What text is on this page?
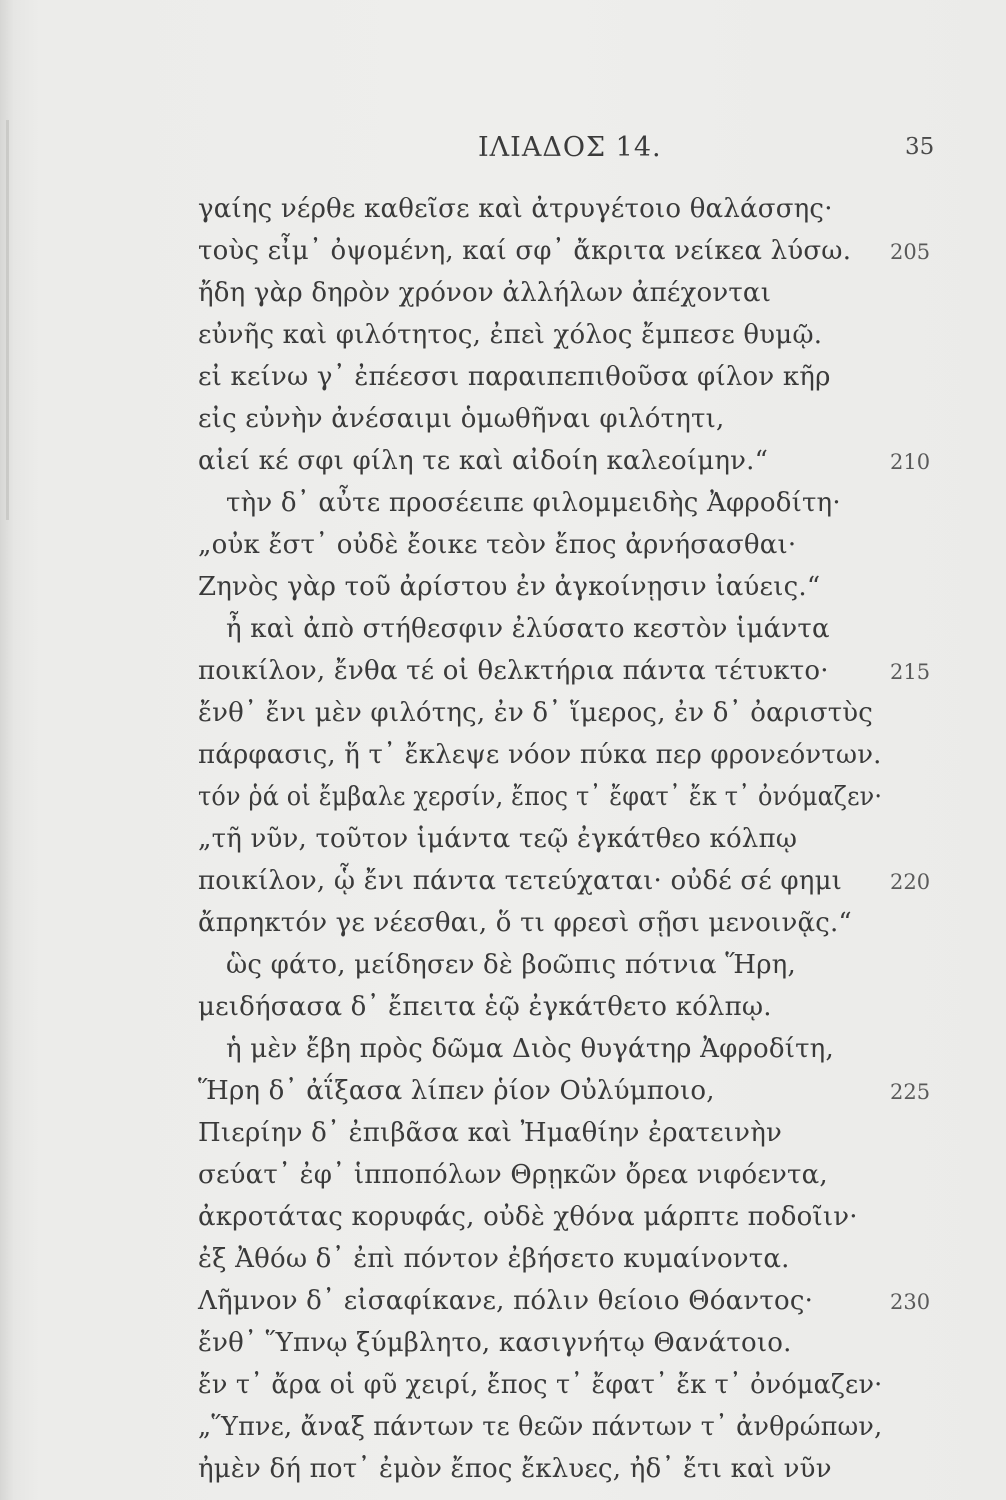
ΙΛΙΑΔΟΣ 14.	35
γαίης νέρθε καθεῖσε καὶ ἀτρυγέτοιο θαλάσσης·
τοὺς εἶμ᾽ ὀψομένη, καί σφ᾽ ἄκριτα νείκεα λύσω. 205
ἤδη γὰρ δηρὸν χρόνον ἀλλήλων ἀπέχονται
εὐνῆς καὶ φιλότητος, ἐπεὶ χόλος ἔμπεσε θυμῷ.
εἰ κείνω γ᾽ ἐπέεσσι παραιπεπιθοῦσα φίλον κῆρ
εἰς εὐνὴν ἀνέσαιμι ὁμωθῆναι φιλότητι,
αἰεί κέ σφι φίλη τε καὶ αἰδοίη καλεοίμην.“	210
τὴν δ᾽ αὖτε προσέειπε φιλομμειδὴς Ἀφροδίτη·
„οὐκ ἔστ᾽ οὐδὲ ἔοικε τεὸν ἔπος ἀρνήσασθαι·
Ζηνὸς γὰρ τοῦ ἀρίστου ἐν ἀγκοίνῃσιν ἰαύεις.“
ἦ καὶ ἀπὸ στήθεσφιν ἐλύσατο κεστὸν ἱμάντα
ποικίλον, ἔνθα τέ οἱ θελκτήρια πάντα τέτυκτο·	215
ἔνθ᾽ ἔνι μὲν φιλότης, ἐν δ᾽ ἵμερος, ἐν δ᾽ ὀαριστὺς
πάρφασις, ἥ τ᾽ ἔκλεψε νόον πύκα περ φρονεόντων.
τόν ῥά οἱ ἔμβαλε χερσίν, ἔπος τ᾽ ἔφατ᾽ ἔκ τ᾽ ὀνόμαζεν·
„τῆ νῦν, τοῦτον ἱμάντα τεῷ ἐγκάτθεο κόλπῳ
ποικίλον, ᾧ ἔνι πάντα τετεύχαται· οὐδέ σέ φημι 220
ἄπρηκτόν γε νέεσθαι, ὅ τι φρεσὶ σῇσι μενοινᾷς.“
ὣς φάτο, μείδησεν δὲ βοῶπις πότνια Ἥρη,
μειδήσασα δ᾽ ἔπειτα ἑῷ ἐγκάτθετο κόλπῳ.
ἡ μὲν ἔβη πρὸς δῶμα Διὸς θυγάτηρ Ἀφροδίτη,
Ἥρη δ᾽ ἀΐξασα λίπεν ῥίον Οὐλύμποιο,	225
Πιερίην δ᾽ ἐπιβᾶσα καὶ Ἠμαθίην ἐρατεινὴν
σεύατ᾽ ἐφ᾽ ἱπποπόλων Θρῃκῶν ὄρεα νιφόεντα,
ἀκροτάτας κορυφάς, οὐδὲ χθόνα μάρπτε ποδοῖιν·
ἐξ Ἀθόω δ᾽ ἐπὶ πόντον ἐβήσετο κυμαίνοντα.
Λῆμνον δ᾽ εἰσαφίκανε, πόλιν θείοιο Θόαντος·	230
ἔνθ᾽ Ὕπνῳ ξύμβλητο, κασιγνήτῳ Θανάτοιο.
ἔν τ᾽ ἄρα οἱ φῦ χειρί, ἔπος τ᾽ ἔφατ᾽ ἔκ τ᾽ ὀνόμαζεν·
„Ὕπνε, ἄναξ πάντων τε θεῶν πάντων τ᾽ ἀνθρώπων,
ἠμὲν δή ποτ᾽ ἐμὸν ἔπος ἔκλυες, ἠδ᾽ ἔτι καὶ νῦν
